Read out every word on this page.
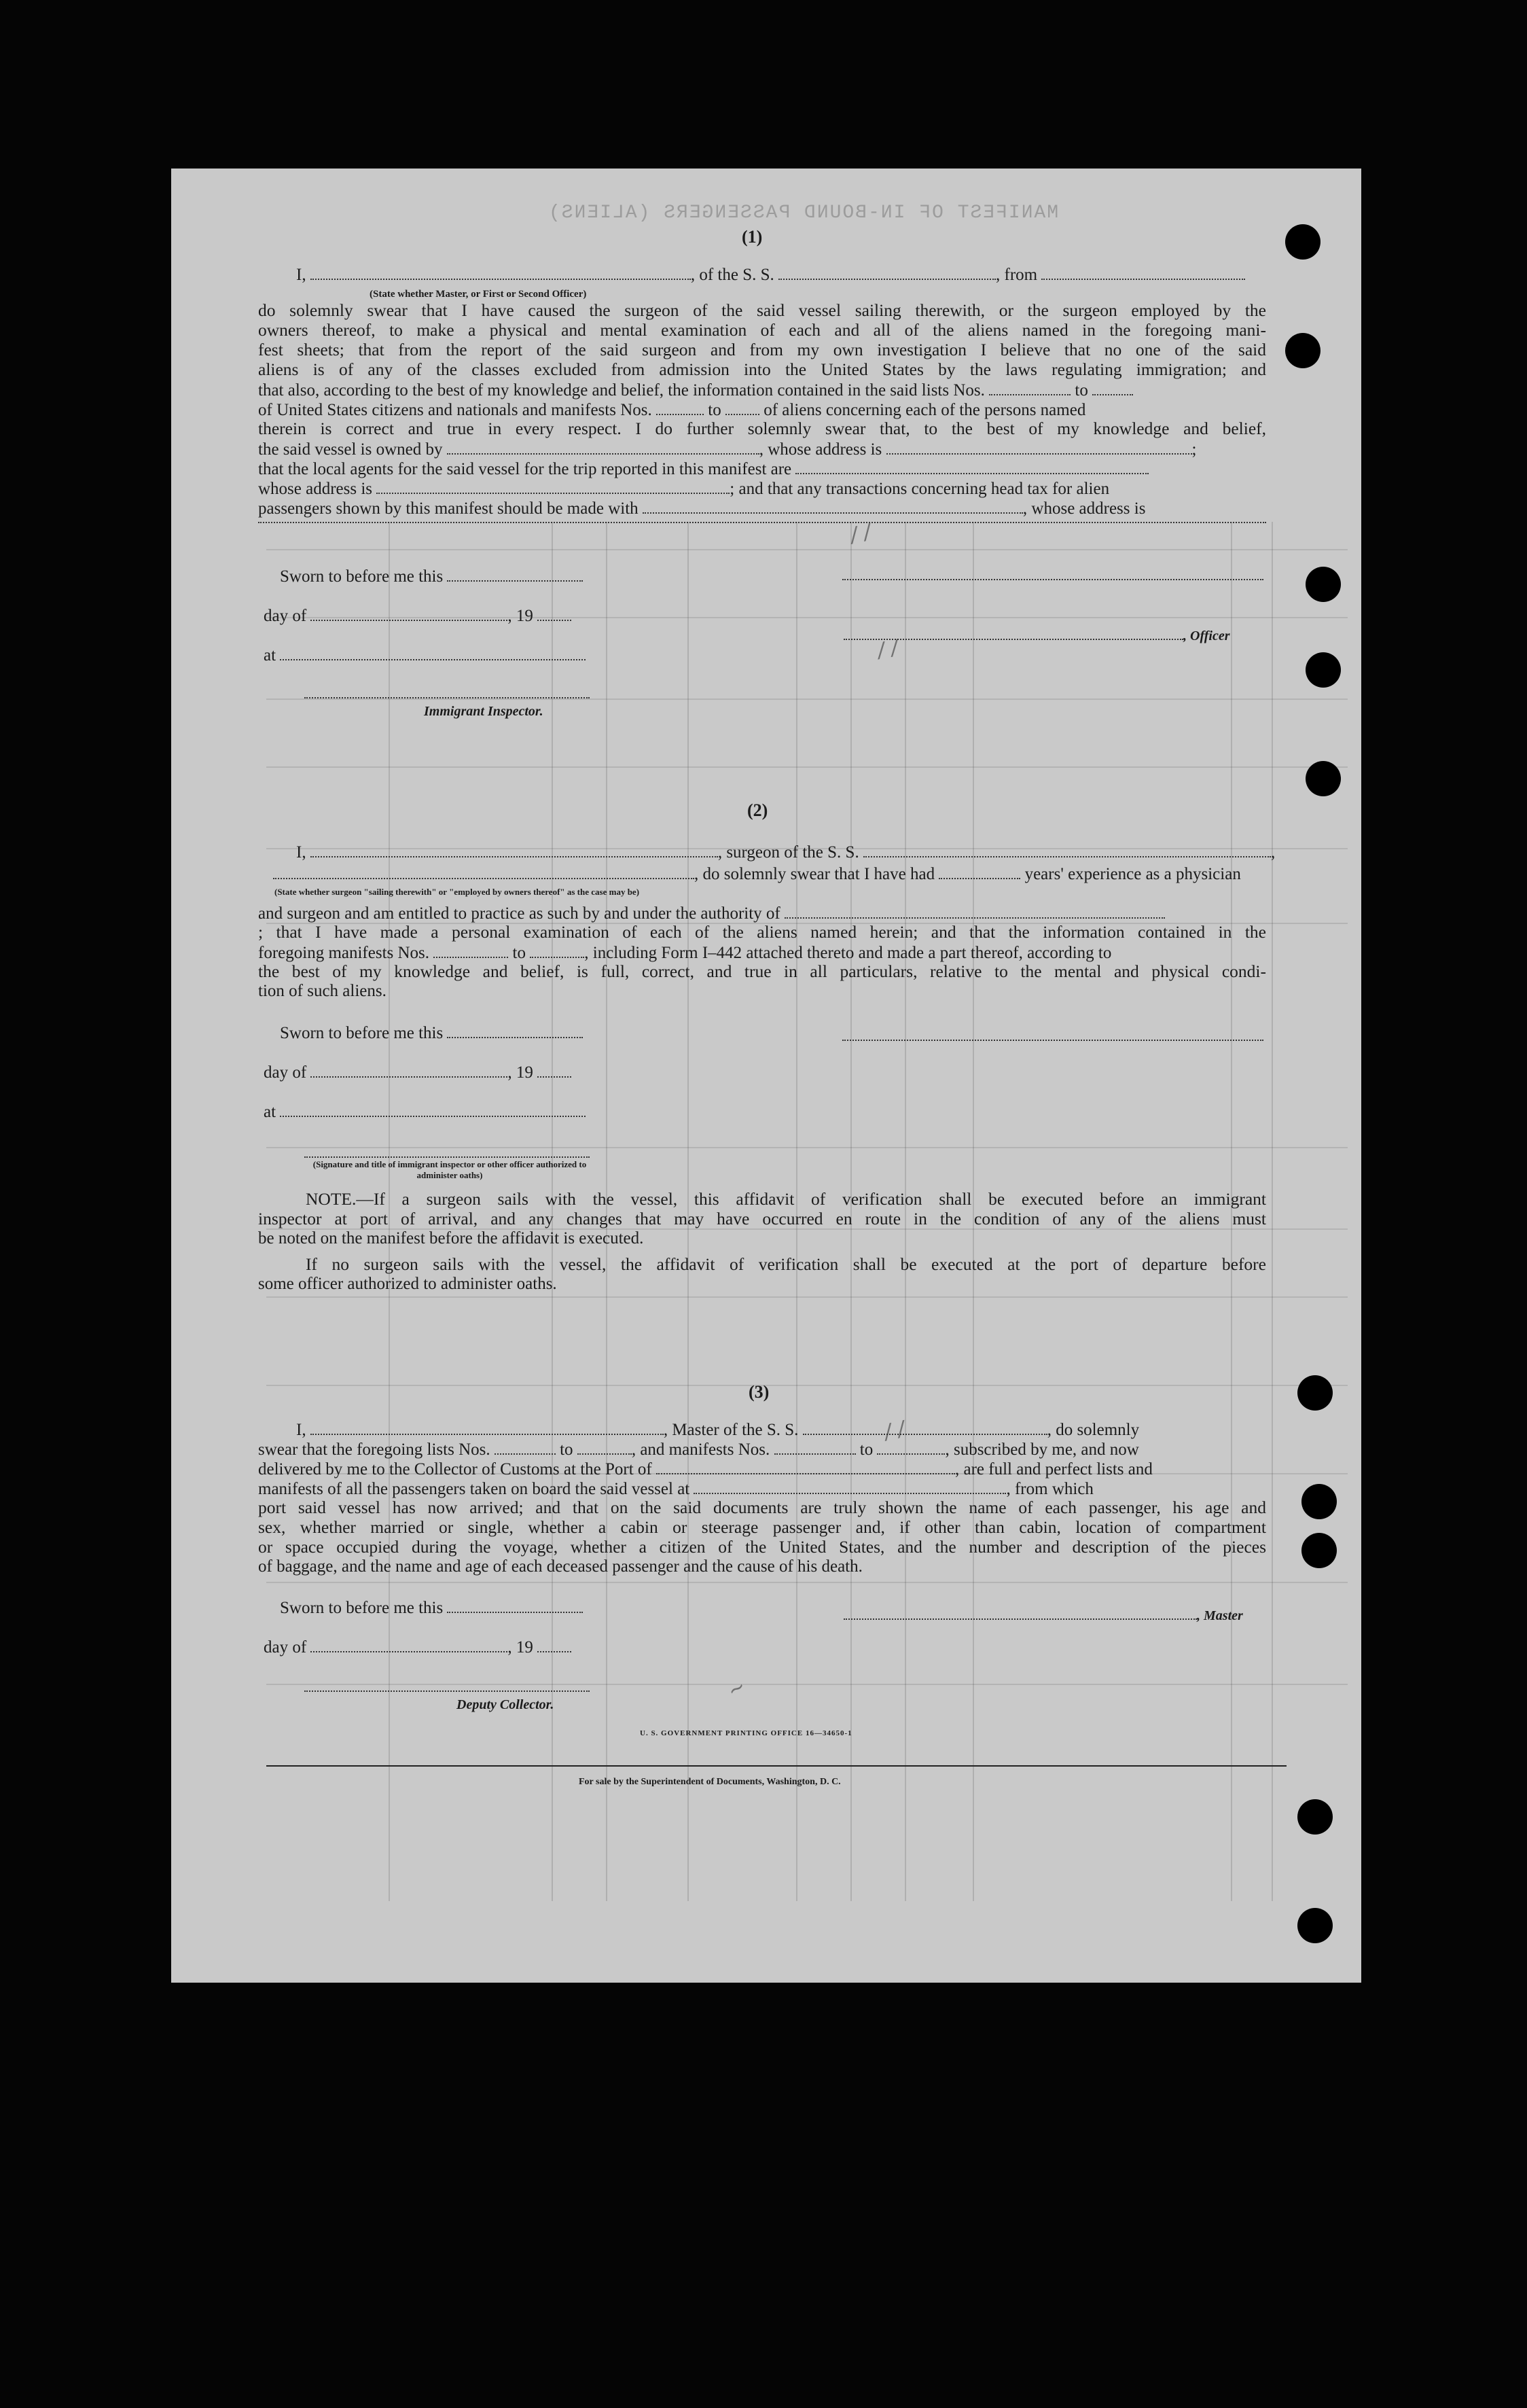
MANIFEST OF IN-BOUND PASSENGERS (ALIENS)
(1)
I,	, of the S. S.	, from
(State whether Master, or First or Second Officer)
do solemnly swear that I have caused the surgeon of the said vessel sailing therewith, or the surgeon employed by the
owners thereof, to make a physical and mental examination of each and all of the aliens named in the foregoing mani-
fest sheets; that from the report of the said surgeon and from my own investigation I believe that no one of the said
aliens is of any of the classes excluded from admission into the United States by the laws regulating immigration; and
that also, according to the best of my knowledge and belief, the information contained in the said lists Nos.	to
of United States citizens and nationals and manifests Nos.	to	of aliens concerning each of the persons named
therein is correct and true in every respect. I do further solemnly swear that, to the best of my knowledge and belief,
the said vessel is owned by	, whose address is	;
that the local agents for the said vessel for the trip reported in this manifest are
whose address is	; and that any transactions concerning head tax for alien
passengers shown by this manifest should be made with	, whose address is
Sworn to before me this
day of	, 19
at
Immigrant Inspector.
, Officer
(2)
I,	, surgeon of the S. S.	,
, do solemnly swear that I have had	years' experience as a physician
(State whether surgeon "sailing therewith" or "employed by owners thereof" as the case may be)
and surgeon and am entitled to practice as such by and under the authority of
; that I have made a personal examination of each of the aliens named herein; and that the information contained in the
foregoing manifests Nos.	to	, including Form I–442 attached thereto and made a part thereof, according to
the best of my knowledge and belief, is full, correct, and true in all particulars, relative to the mental and physical condi-
tion of such aliens.
Sworn to before me this
day of	, 19
at
(Signature and title of immigrant inspector or other officer authorized to administer oaths)
NOTE.—If a surgeon sails with the vessel, this affidavit of verification shall be executed before an immigrant
inspector at port of arrival, and any changes that may have occurred en route in the condition of any of the aliens must
be noted on the manifest before the affidavit is executed.
If no surgeon sails with the vessel, the affidavit of verification shall be executed at the port of departure before
some officer authorized to administer oaths.
(3)
I,	, Master of the S. S.	, do solemnly
swear that the foregoing lists Nos.	to	, and manifests Nos.	to	, subscribed by me, and now
delivered by me to the Collector of Customs at the Port of	, are full and perfect lists and
manifests of all the passengers taken on board the said vessel at	, from which
port said vessel has now arrived; and that on the said documents are truly shown the name of each passenger, his age and
sex, whether married or single, whether a cabin or steerage passenger and, if other than cabin, location of compartment
or space occupied during the voyage, whether a citizen of the United States, and the number and description of the pieces
of baggage, and the name and age of each deceased passenger and the cause of his death.
Sworn to before me this
day of	, 19
Deputy Collector.
, Master
U. S. GOVERNMENT PRINTING OFFICE 16—34650-1
For sale by the Superintendent of Documents, Washington, D. C.
/ /
/ /
/ /
~
